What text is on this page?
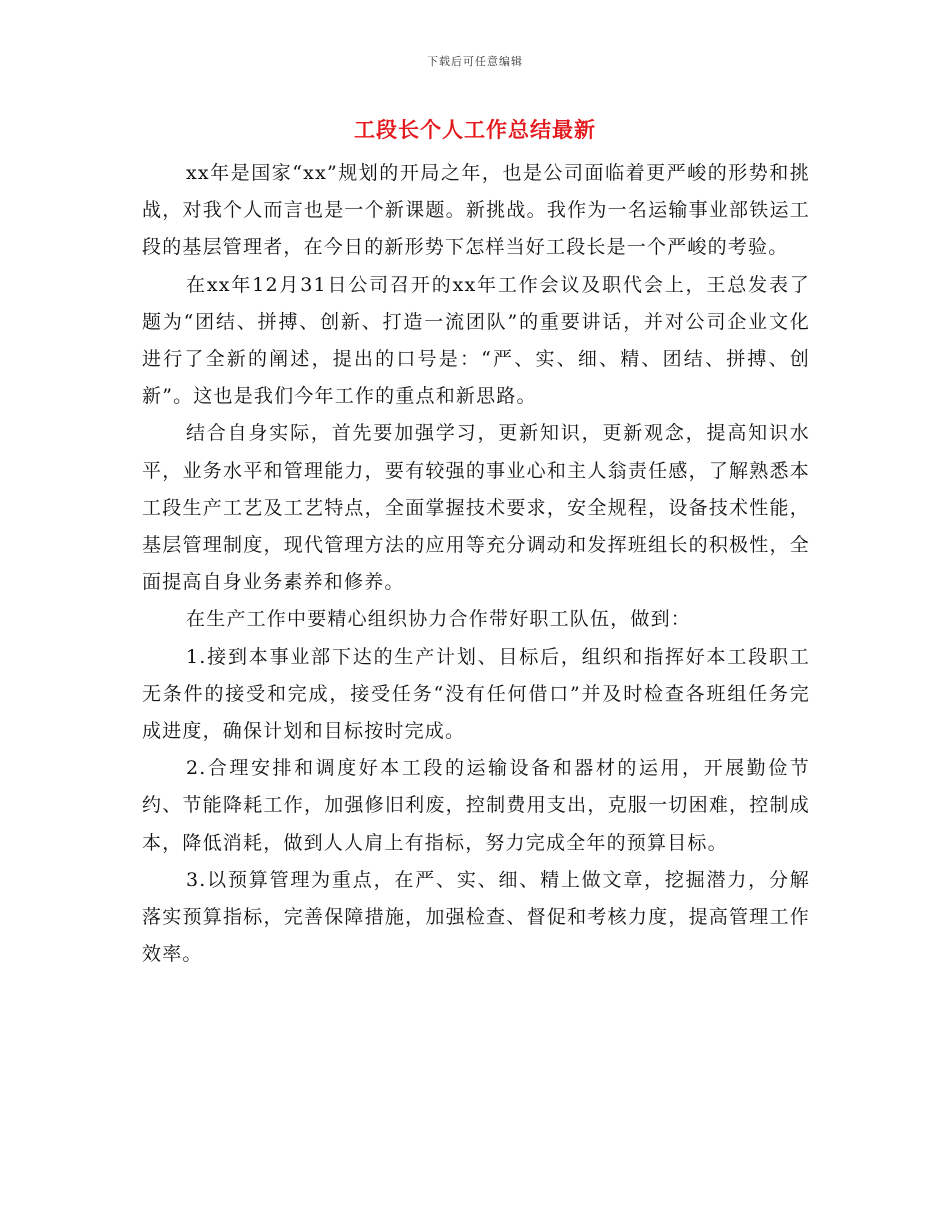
下载后可任意编辑
工段长个人工作总结最新

xx年是国家“xx”规划的开局之年，也是公司面临着更严峻的形势和挑战，对我个人而言也是一个新课题。新挑战。我作为一名运输事业部铁运工段的基层管理者，在今日的新形势下怎样当好工段长是一个严峻的考验。

在xx年12月31日公司召开的xx年工作会议及职代会上，王总发表了题为“团结、拼搏、创新、打造一流团队”的重要讲话，并对公司企业文化进行了全新的阐述，提出的口号是：“严、实、细、精、团结、拼搏、创新”。这也是我们今年工作的重点和新思路。

结合自身实际，首先要加强学习，更新知识，更新观念，提高知识水平，业务水平和管理能力，要有较强的事业心和主人翁责任感，了解熟悉本工段生产工艺及工艺特点，全面掌握技术要求，安全规程，设备技术性能，基层管理制度，现代管理方法的应用等充分调动和发挥班组长的积极性，全面提高自身业务素养和修养。

在生产工作中要精心组织协力合作带好职工队伍，做到：

1.接到本事业部下达的生产计划、目标后，组织和指挥好本工段职工无条件的接受和完成，接受任务“没有任何借口”并及时检查各班组任务完成进度，确保计划和目标按时完成。

2.合理安排和调度好本工段的运输设备和器材的运用，开展勤俭节约、节能降耗工作，加强修旧利废，控制费用支出，克服一切困难，控制成本，降低消耗，做到人人肩上有指标，努力完成全年的预算目标。

3.以预算管理为重点，在严、实、细、精上做文章，挖掘潜力，分解落实预算指标，完善保障措施，加强检查、督促和考核力度，提高管理工作效率。
